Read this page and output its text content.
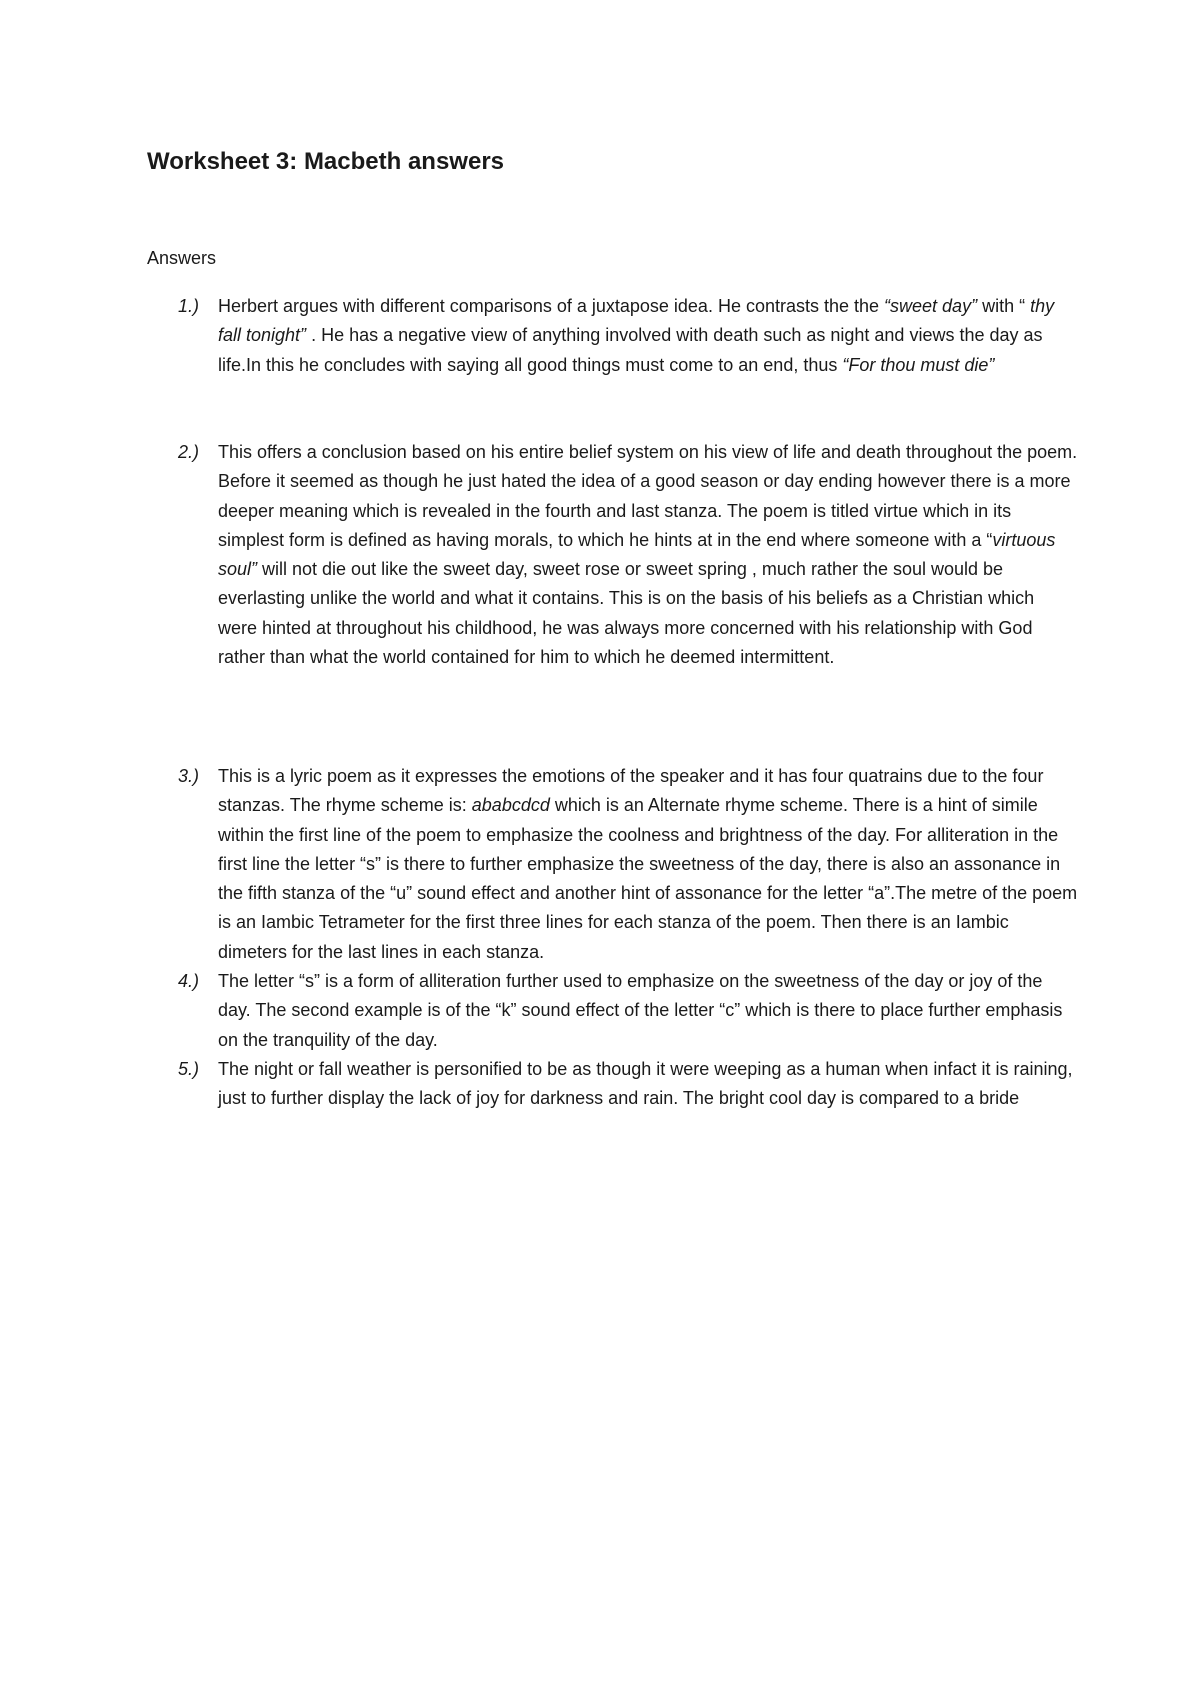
Worksheet 3: Macbeth answers
Answers
1.) Herbert argues with different comparisons of a juxtapose idea. He contrasts the the “sweet day” with “ thy fall tonight” . He has a negative view of anything involved with death such as night and views the day as life.In this he concludes with saying all good things must come to an end, thus “For thou must die”

2.) This offers a conclusion based on his entire belief system on his view of life and death throughout the poem. Before it seemed as though he just hated the idea of a good season or day ending however there is a more deeper meaning which is revealed in the fourth and last stanza. The poem is titled virtue which in its simplest form is defined as having morals, to which he hints at in the end where someone with a “virtuous soul” will not die out like the sweet day, sweet rose or sweet spring , much rather the soul would be everlasting unlike the world and what it contains. This is on the basis of his beliefs as a Christian which were hinted at throughout his childhood, he was always more concerned with his relationship with God rather than what the world contained for him to which he deemed intermittent.

3.) This is a lyric poem as it expresses the emotions of the speaker and it has four quatrains due to the four stanzas. The rhyme scheme is: ababcdcd which is an Alternate rhyme scheme. There is a hint of simile within the first line of the poem to emphasize the coolness and brightness of the day. For alliteration in the first line the letter “s” is there to further emphasize the sweetness of the day, there is also an assonance in the fifth stanza of the “u” sound effect and another hint of assonance for the letter “a”.The metre of the poem is an Iambic Tetrameter for the first three lines for each stanza of the poem. Then there is an Iambic dimeters for the last lines in each stanza.

4.) The letter “s” is a form of alliteration further used to emphasize on the sweetness of the day or joy of the day. The second example is of the “k” sound effect of the letter “c” which is there to place further emphasis on the tranquility of the day.

5.) The night or fall weather is personified to be as though it were weeping as a human when infact it is raining, just to further display the lack of joy for darkness and rain. The bright cool day is compared to a bride
